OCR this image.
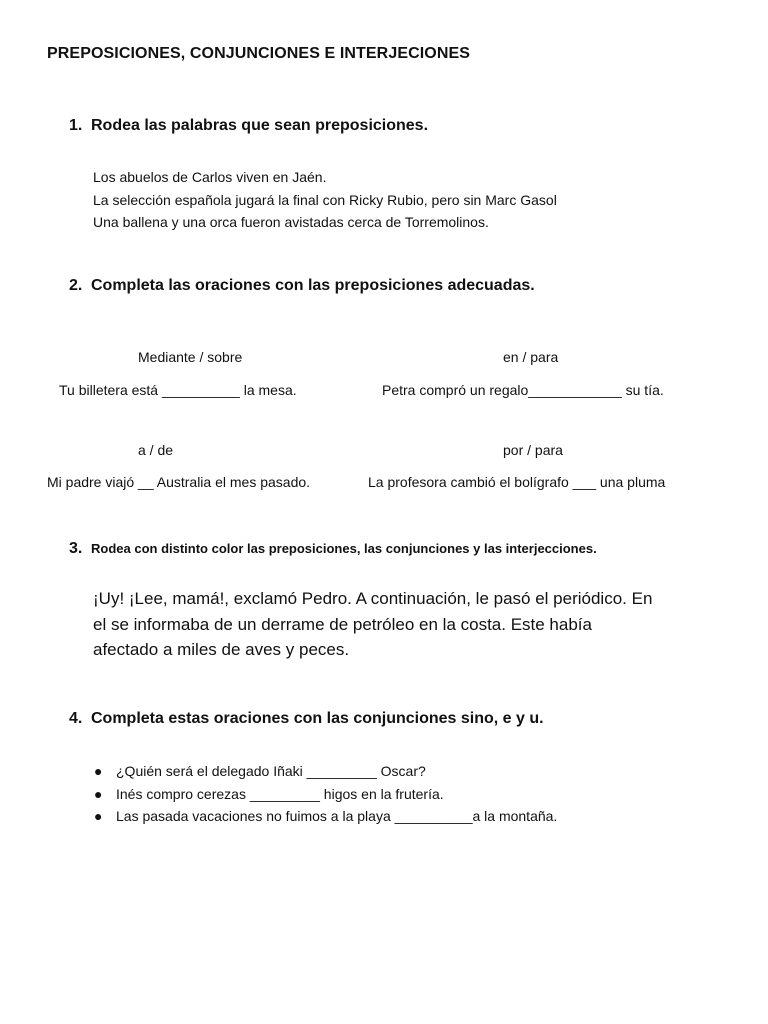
PREPOSICIONES, CONJUNCIONES E INTERJECIONES
1. Rodea las palabras que sean preposiciones.
Los abuelos de Carlos viven en Jaén.
La selección española jugará la final con Ricky Rubio, pero sin Marc Gasol
Una ballena y una orca fueron avistadas cerca de Torremolinos.
2. Completa las oraciones con las preposiciones adecuadas.
Mediante / sobre
Tu billetera está __________ la mesa.
en / para
Petra compró un regalo____________ su tía.
a / de
Mi padre viajó __ Australia el mes pasado.
por / para
La profesora cambió el bolígrafo ___ una pluma
3. Rodea con distinto color las preposiciones, las conjunciones y las interjecciones.
¡Uy! ¡Lee, mamá!, exclamó Pedro. A continuación, le pasó el periódico. En
el se informaba de un derrame de petróleo en la costa. Este había
afectado a miles de aves y peces.
4. Completa estas oraciones con las conjunciones sino, e y u.
● ¿Quién será el delegado Iñaki _________ Oscar?
● Inés compro cerezas _________ higos en la frutería.
● Las pasada vacaciones no fuimos a la playa __________a la montaña.
